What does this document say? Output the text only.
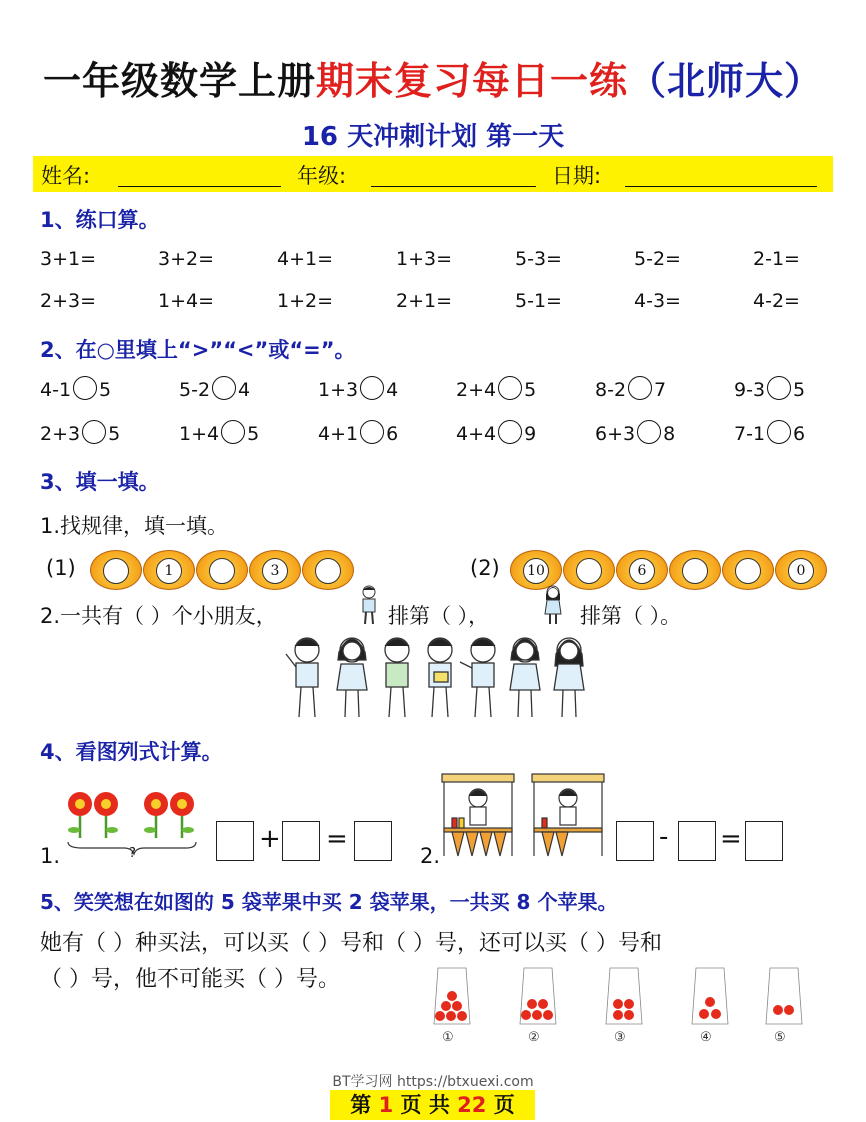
一年级数学上册期末复习每日一练（北师大）
16 天冲刺计划 第一天
姓名:	年级:	日期:
1、练口算。
3+1=	3+2=	4+1=	1+3=	5-3=	5-2=	2-1=
2+3=	1+4=	1+2=	2+1=	5-1=	4-3=	4-2=
2、在○里填上“>”“<”或“=”。
4-1 5	5-2 4	1+3 4	2+4 5	8-2 7	9-3 5
2+3 5	1+4 5	4+1 6	4+4 9	6+3 8	7-1 6
3、填一填。
1.找规律，填一填。
(1)	1	3	(2) 10	6	0
2.一共有（ ）个小朋友，	排第（ ），	排第（ ）。
4、看图列式计算。
1.	?	+ =
2.
- =
5、笑笑想在如图的 5 袋苹果中买 2 袋苹果，一共买 8 个苹果。
她有（ ）种买法，可以买（ ）号和（ ）号，还可以买（ ）号和
（ ）号，他不可能买（ ）号。
①	②	③	④	⑤
BT学习网 https://btxuexi.com
第 1 页 共 22 页
